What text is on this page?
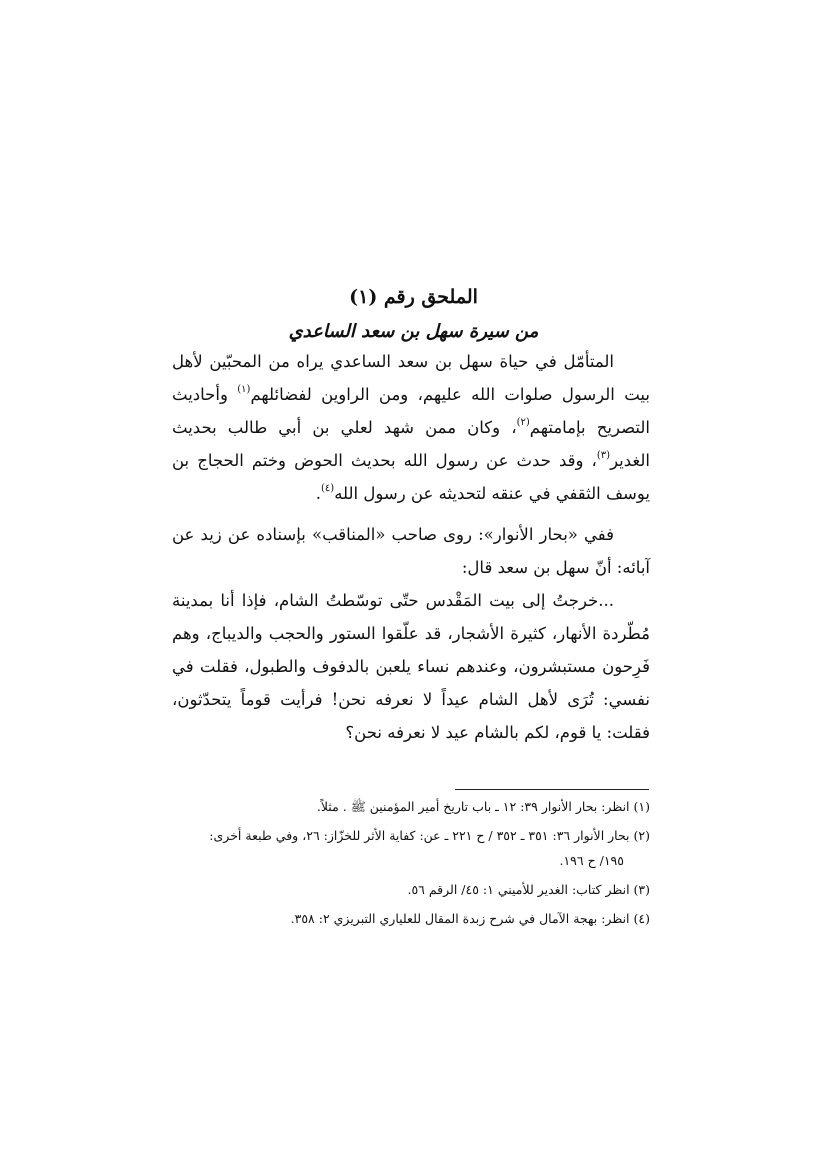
الملحق رقم (١)
من سيرة سهل بن سعد الساعدي

المتأمّل في حياة سهل بن سعد الساعدي يراه من المحبّين لأهل بيت الرسول صلوات الله عليهم، ومن الراوين لفضائلهم$^{(١)}$ وأحاديث التصريح بإمامتهم$^{(٢)}$، وكان ممن شهد لعلي بن أبي طالب بحديث الغدير$^{(٣)}$، وقد حدث عن رسول الله بحديث الحوض وختم الحجاج بن يوسف الثقفي في عنقه لتحديثه عن رسول الله$^{(٤)}$.

ففي «بحار الأنوار»: روى صاحب «المناقب» بإسناده عن زيد عن آبائه: أنّ سهل بن سعد قال:

...خرجتُ إلى بيت المَقْدس حتّى توسّطتُ الشام، فإذا أنا بمدينة مُطّردة الأنهار، كثيرة الأشجار، قد علّقوا الستور والحجب والديباج، وهم فَرِحون مستبشرون، وعندهم نساء يلعبن بالدفوف والطبول، فقلت في نفسي: تُرَى لأهل الشام عيداً لا نعرفه نحن! فرأيت قوماً يتحدّثون، فقلت: يا قوم، لكم بالشام عيد لا نعرفه نحن؟

(١) انظر: بحار الأنوار ٣٩: ١٢ ـ باب تاريخ أمير المؤمنين ﷺ . مثلاً.
(٢) بحار الأنوار ٣٦: ٣٥١ ـ ٣٥٢ / ح ٢٢١ ـ عن: كفاية الأثر للخزّاز: ٢٦، وفي طبعة أخرى:
١٩٥/ ح ١٩٦.
(٣) انظر كتاب: الغدير للأميني ١: ٤٥/ الرقم ٥٦.
(٤) انظر: بهجة الآمال في شرح زبدة المقال للعلياري التبريزي ٢: ٣٥٨.
